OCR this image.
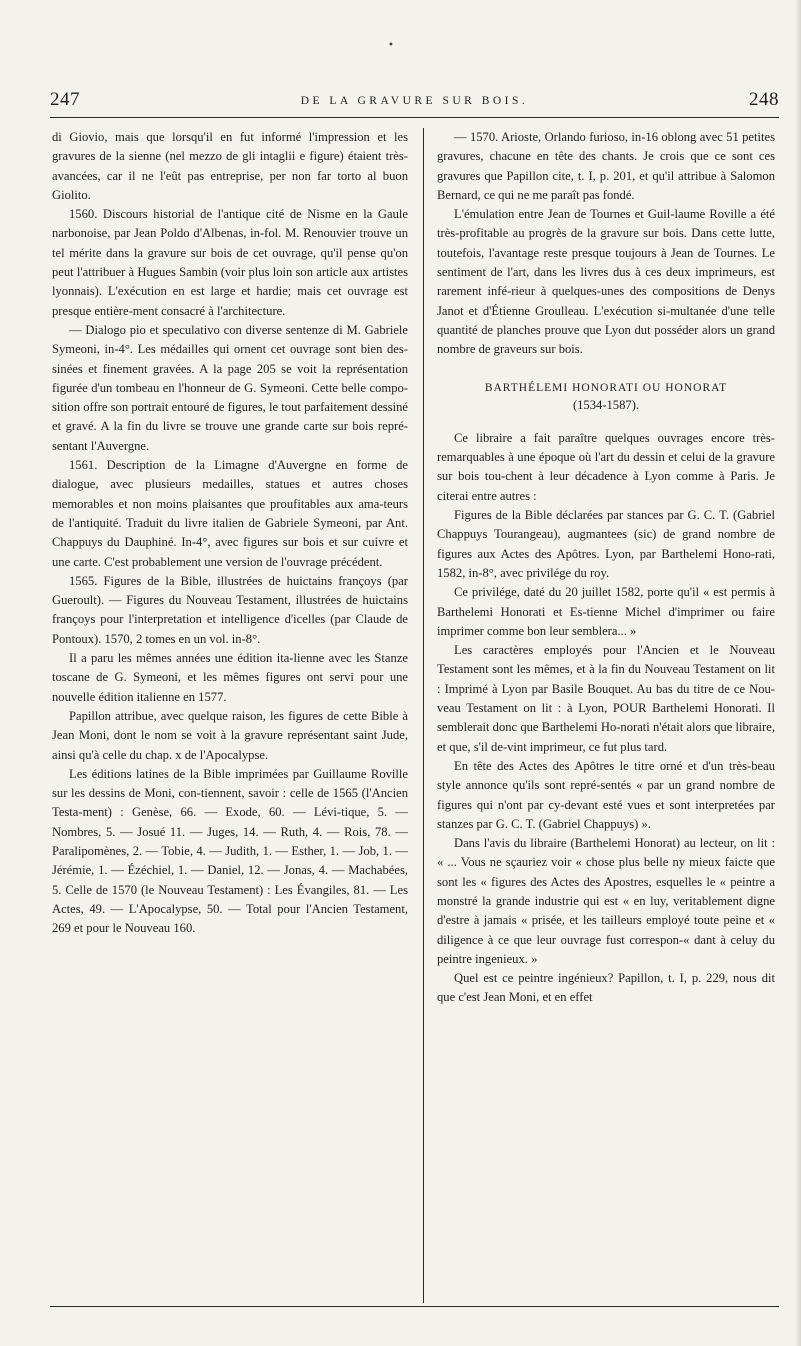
•
247	DE LA GRAVURE SUR BOIS.	248

di Giovio, mais que lorsqu'il en fut informé l'impression et les gravures de la sienne (nel mezzo de gli intaglii e figure) étaient très-avancées, car il ne l'eût pas entreprise, per non far torto al buon Giolito.

1560. Discours historial de l'antique cité de Nisme en la Gaule narbonoise, par Jean Poldo d'Albenas, in-fol. M. Renouvier trouve un tel mérite dans la gravure sur bois de cet ouvrage, qu'il pense qu'on peut l'attribuer à Hugues Sambin (voir plus loin son article aux artistes lyonnais). L'exécution en est large et hardie; mais cet ouvrage est presque entière-ment consacré à l'architecture.

— Dialogo pio et speculativo con diverse sentenze di M. Gabriele Symeoni, in-4°. Les médailles qui ornent cet ouvrage sont bien des-sinées et finement gravées. A la page 205 se voit la représentation figurée d'un tombeau en l'honneur de G. Symeoni. Cette belle compo-sition offre son portrait entouré de figures, le tout parfaitement dessiné et gravé. A la fin du livre se trouve une grande carte sur bois repré-sentant l'Auvergne.

1561. Description de la Limagne d'Auvergne en forme de dialogue, avec plusieurs medailles, statues et autres choses memorables et non moins plaisantes que proufitables aux ama-teurs de l'antiquité. Traduit du livre italien de Gabriele Symeoni, par Ant. Chappuys du Dauphiné. In-4°, avec figures sur bois et sur cuivre et une carte. C'est probablement une version de l'ouvrage précédent.

1565. Figures de la Bible, illustrées de huictains françoys (par Gueroult). — Figures du Nouveau Testament, illustrées de huictains françoys pour l'interpretation et intelligence d'icelles (par Claude de Pontoux). 1570, 2 tomes en un vol. in-8°.

Il a paru les mêmes années une édition ita-lienne avec les Stanze toscane de G. Symeoni, et les mêmes figures ont servi pour une nouvelle édition italienne en 1577.

Papillon attribue, avec quelque raison, les figures de cette Bible à Jean Moni, dont le nom se voit à la gravure représentant saint Jude, ainsi qu'à celle du chap. x de l'Apocalypse.

Les éditions latines de la Bible imprimées par Guillaume Roville sur les dessins de Moni, con-tiennent, savoir : celle de 1565 (l'Ancien Testa-ment) : Genèse, 66. — Exode, 60. — Lévi-tique, 5. — Nombres, 5. — Josué 11. — Juges, 14. — Ruth, 4. — Rois, 78. — Paralipomènes, 2. — Tobie, 4. — Judith, 1. — Esther, 1. — Job, 1. — Jérémie, 1. — Ézéchiel, 1. — Daniel, 12. — Jonas, 4. — Machabées, 5. Celle de 1570 (le Nouveau Testament) : Les Évangiles, 81. — Les Actes, 49. — L'Apocalypse, 50. — Total pour l'Ancien Testament, 269 et pour le Nouveau 160.

— 1570. Arioste, Orlando furioso, in-16 oblong avec 51 petites gravures, chacune en tête des chants. Je crois que ce sont ces gravures que Papillon cite, t. I, p. 201, et qu'il attribue à Salomon Bernard, ce qui ne me paraît pas fondé.

L'émulation entre Jean de Tournes et Guil-laume Roville a été très-profitable au progrès de la gravure sur bois. Dans cette lutte, toutefois, l'avantage reste presque toujours à Jean de Tournes. Le sentiment de l'art, dans les livres dus à ces deux imprimeurs, est rarement infé-rieur à quelques-unes des compositions de Denys Janot et d'Étienne Groulleau. L'exécution si-multanée d'une telle quantité de planches prouve que Lyon dut posséder alors un grand nombre de graveurs sur bois.

BARTHÉLEMI HONORATI OU HONORAT
(1534-1587).

Ce libraire a fait paraître quelques ouvrages encore très-remarquables à une époque où l'art du dessin et celui de la gravure sur bois tou-chent à leur décadence à Lyon comme à Paris. Je citerai entre autres :

Figures de la Bible déclarées par stances par G. C. T. (Gabriel Chappuys Tourangeau), augmantees (sic) de grand nombre de figures aux Actes des Apôtres. Lyon, par Barthelemi Hono-rati, 1582, in-8°, avec privilége du roy.

Ce privilége, daté du 20 juillet 1582, porte qu'il « est permis à Barthelemi Honorati et Es-tienne Michel d'imprimer ou faire imprimer comme bon leur semblera... »

Les caractères employés pour l'Ancien et le Nouveau Testament sont les mêmes, et à la fin du Nouveau Testament on lit : Imprimé à Lyon par Basile Bouquet. Au bas du titre de ce Nou-veau Testament on lit : à Lyon, POUR Barthelemi Honorati. Il semblerait donc que Barthelemi Ho-norati n'était alors que libraire, et que, s'il de-vint imprimeur, ce fut plus tard.

En tête des Actes des Apôtres le titre orné et d'un très-beau style annonce qu'ils sont repré-sentés « par un grand nombre de figures qui n'ont par cy-devant esté vues et sont interpretées par stanzes par G. C. T. (Gabriel Chappuys) ».

Dans l'avis du libraire (Barthelemi Honorat) au lecteur, on lit : « ... Vous ne sçauriez voir « chose plus belle ny mieux faicte que sont les « figures des Actes des Apostres, esquelles le « peintre a monstré la grande industrie qui est « en luy, veritablement digne d'estre à jamais « prisée, et les tailleurs employé toute peine et « diligence à ce que leur ouvrage fust correspon-« dant à celuy du peintre ingenieux. »

Quel est ce peintre ingénieux? Papillon, t. I, p. 229, nous dit que c'est Jean Moni, et en effet
